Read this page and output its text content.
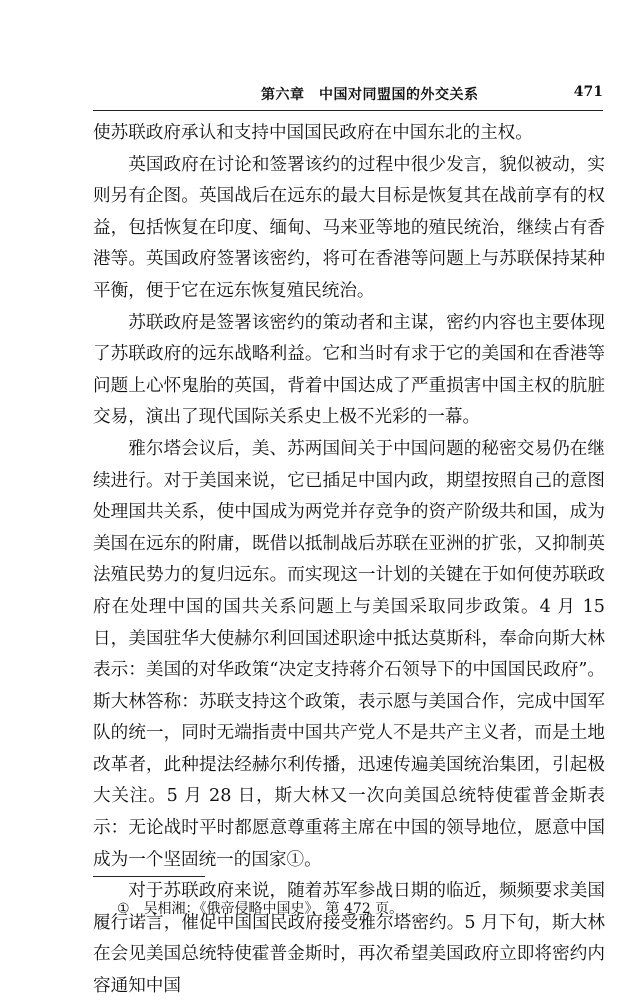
第六章　中国对同盟国的外交关系	471

使苏联政府承认和支持中国国民政府在中国东北的主权。

英国政府在讨论和签署该约的过程中很少发言，貌似被动，实则另有企图。英国战后在远东的最大目标是恢复其在战前享有的权益，包括恢复在印度、缅甸、马来亚等地的殖民统治，继续占有香港等。英国政府签署该密约，将可在香港等问题上与苏联保持某种平衡，便于它在远东恢复殖民统治。

苏联政府是签署该密约的策动者和主谋，密约内容也主要体现了苏联政府的远东战略利益。它和当时有求于它的美国和在香港等问题上心怀鬼胎的英国，背着中国达成了严重损害中国主权的肮脏交易，演出了现代国际关系史上极不光彩的一幕。

雅尔塔会议后，美、苏两国间关于中国问题的秘密交易仍在继续进行。对于美国来说，它已插足中国内政，期望按照自己的意图处理国共关系，使中国成为两党并存竞争的资产阶级共和国，成为美国在远东的附庸，既借以抵制战后苏联在亚洲的扩张，又抑制英法殖民势力的复归远东。而实现这一计划的关键在于如何使苏联政府在处理中国的国共关系问题上与美国采取同步政策。4 月 15 日，美国驻华大使赫尔利回国述职途中抵达莫斯科，奉命向斯大林表示：美国的对华政策“决定支持蒋介石领导下的中国国民政府”。斯大林答称：苏联支持这个政策，表示愿与美国合作，完成中国军队的统一，同时无端指责中国共产党人不是共产主义者，而是土地改革者，此种提法经赫尔利传播，迅速传遍美国统治集团，引起极大关注。5 月 28 日，斯大林又一次向美国总统特使霍普金斯表示：无论战时平时都愿意尊重蒋主席在中国的领导地位，愿意中国成为一个坚固统一的国家①。

对于苏联政府来说，随着苏军参战日期的临近，频频要求美国履行诺言，催促中国国民政府接受雅尔塔密约。5 月下旬，斯大林在会见美国总统特使霍普金斯时，再次希望美国政府立即将密约内容通知中国

① 吴相湘：《俄帝侵略中国史》，第 472 页。
